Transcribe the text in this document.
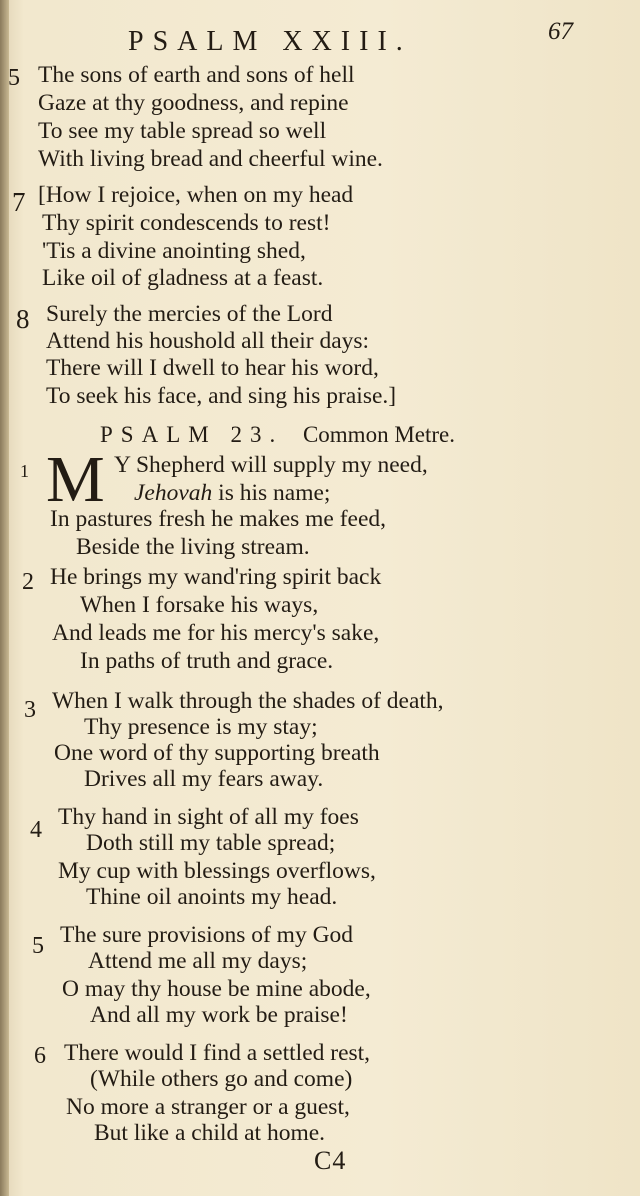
PSALM XXIII.	67
5 The sons of earth and sons of hell
Gaze at thy goodness, and repine
To see my table spread so well
With living bread and cheerful wine.
7 [How I rejoice, when on my head
Thy spirit condescends to rest!
'Tis a divine anointing shed,
Like oil of gladness at a feast.
8 Surely the mercies of the Lord
Attend his houshold all their days:
There will I dwell to hear his word,
To seek his face, and sing his praise.]
PSALM 23. Common Metre.
1 M Y Shepherd will supply my need,
Jehovah is his name;
In pastures fresh he makes me feed,
Beside the living stream.
2 He brings my wand'ring spirit back
When I forsake his ways,
And leads me for his mercy's sake,
In paths of truth and grace.
3 When I walk through the shades of death,
Thy presence is my stay;
One word of thy supporting breath
Drives all my fears away.
4 Thy hand in sight of all my foes
Doth still my table spread;
My cup with blessings overflows,
Thine oil anoints my head.
5 The sure provisions of my God
Attend me all my days;
O may thy house be mine abode,
And all my work be praise!
6 There would I find a settled rest,
(While others go and come)
No more a stranger or a guest,
But like a child at home.
C4
